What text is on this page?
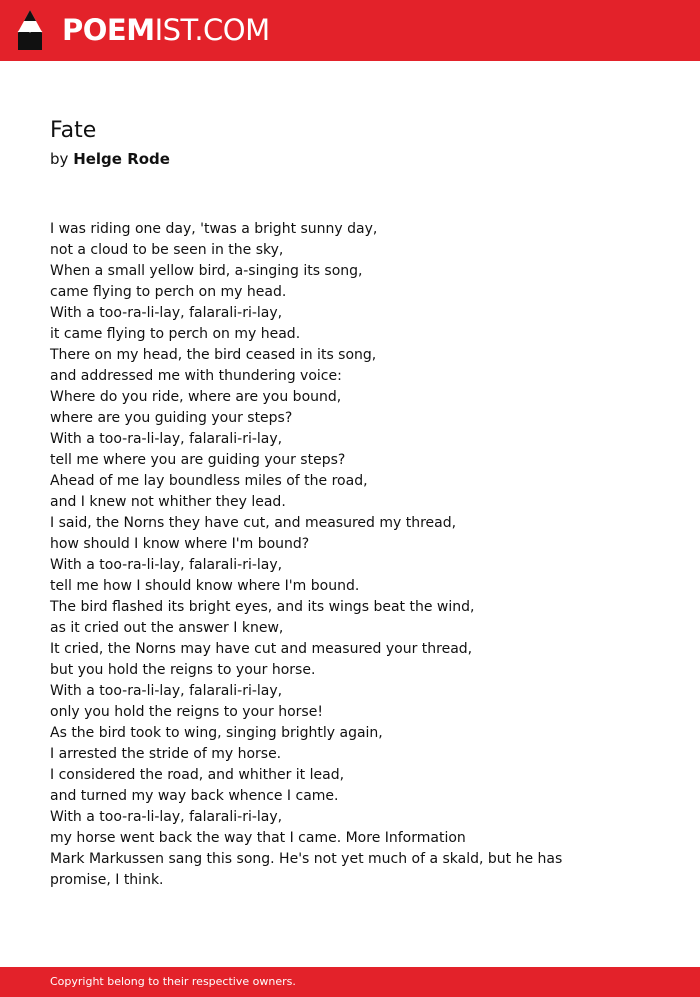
POEMIST.COM
Fate
by Helge Rode
I was riding one day, 'twas a bright sunny day,
not a cloud to be seen in the sky,
When a small yellow bird, a-singing its song,
came flying to perch on my head.
With a too-ra-li-lay, falarali-ri-lay,
it came flying to perch on my head.
There on my head, the bird ceased in its song,
and addressed me with thundering voice:
Where do you ride, where are you bound,
where are you guiding your steps?
With a too-ra-li-lay, falarali-ri-lay,
tell me where you are guiding your steps?
Ahead of me lay boundless miles of the road,
and I knew not whither they lead.
I said, the Norns they have cut, and measured my thread,
how should I know where I'm bound?
With a too-ra-li-lay, falarali-ri-lay,
tell me how I should know where I'm bound.
The bird flashed its bright eyes, and its wings beat the wind,
as it cried out the answer I knew,
It cried, the Norns may have cut and measured your thread,
but you hold the reigns to your horse.
With a too-ra-li-lay, falarali-ri-lay,
only you hold the reigns to your horse!
As the bird took to wing, singing brightly again,
I arrested the stride of my horse.
I considered the road, and whither it lead,
and turned my way back whence I came.
With a too-ra-li-lay, falarali-ri-lay,
my horse went back the way that I came. More Information
Mark Markussen sang this song. He's not yet much of a skald, but he has
promise, I think.
Copyright belong to their respective owners.
